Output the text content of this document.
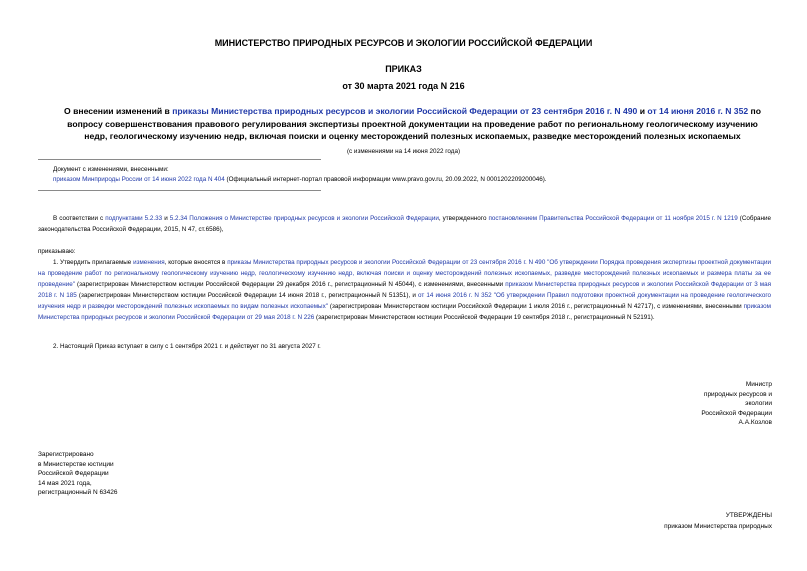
МИНИСТЕРСТВО ПРИРОДНЫХ РЕСУРСОВ И ЭКОЛОГИИ РОССИЙСКОЙ ФЕДЕРАЦИИ
ПРИКАЗ
от 30 марта 2021 года N 216
О внесении изменений в приказы Министерства природных ресурсов и экологии Российской Федерации от 23 сентября 2016 г. N 490 и от 14 июня 2016 г. N 352 по вопросу совершенствования правового регулирования экспертизы проектной документации на проведение работ по региональному геологическому изучению недр, геологическому изучению недр, включая поиски и оценку месторождений полезных ископаемых, разведке месторождений полезных ископаемых
(с изменениями на 14 июня 2022 года)
Документ с изменениями, внесенными:
приказом Минприроды России от 14 июня 2022 года N 404 (Официальный интернет-портал правовой информации www.pravo.gov.ru, 20.09.2022, N 0001202209200046).
В соответствии с подпунктами 5.2.33 и 5.2.34 Положения о Министерстве природных ресурсов и экологии Российской Федерации, утвержденного постановлением Правительства Российской Федерации от 11 ноября 2015 г. N 1219 (Собрание законодательства Российской Федерации, 2015, N 47, ст.6586),
приказываю:
1. Утвердить прилагаемые изменения, которые вносятся в приказы Министерства природных ресурсов и экологии Российской Федерации от 23 сентября 2016 г. N 490 "Об утверждении Порядка проведения экспертизы проектной документации на проведение работ по региональному геологическому изучению недр, геологическому изучению недр, включая поиски и оценку месторождений полезных ископаемых, разведке месторождений полезных ископаемых и размера платы за ее проведение" (зарегистрирован Министерством юстиции Российской Федерации 29 декабря 2016 г., регистрационный N 45044), с изменениями, внесенными приказом Министерства природных ресурсов и экологии Российской Федерации от 3 мая 2018 г. N 185 (зарегистрирован Министерством юстиции Российской Федерации 14 июня 2018 г., регистрационный N 51351), и от 14 июня 2016 г. N 352 "Об утверждении Правил подготовки проектной документации на проведение геологического изучения недр и разведки месторождений полезных ископаемых по видам полезных ископаемых" (зарегистрирован Министерством юстиции Российской Федерации 1 июля 2016 г., регистрационный N 42717), с изменениями, внесенными приказом Министерства природных ресурсов и экологии Российской Федерации от 29 мая 2018 г. N 226 (зарегистрирован Министерством юстиции Российской Федерации 19 сентября 2018 г., регистрационный N 52191).
2. Настоящий Приказ вступает в силу с 1 сентября 2021 г. и действует по 31 августа 2027 г.
Министр
природных ресурсов и экологии
Российской Федерации
А.А.Козлов
Зарегистрировано
в Министерстве юстиции
Российской Федерации
14 мая 2021 года,
регистрационный N 63426
УТВЕРЖДЕНЫ
приказом Министерства природных
